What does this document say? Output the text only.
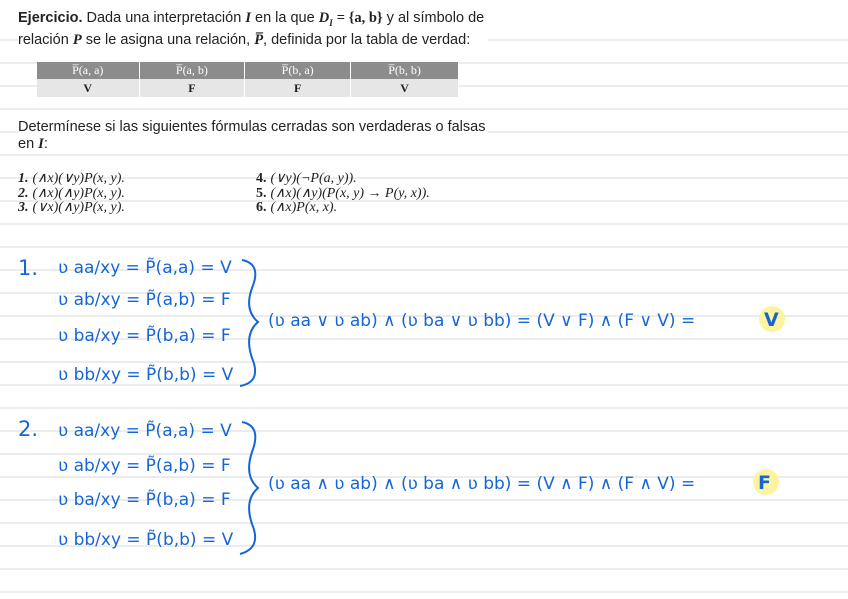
Ejercicio. Dada una interpretación I en la que $D_I = \{a$, b} y al símbolo de relación P se le asigna una relación, P̅, definida por la tabla de verdad:
P̅(a, a)	P̅(a, b)	P̅(b, a)	P̅(b, b)
V	F	F	V
Determínese si las siguientes fórmulas cerradas son verdaderas o falsas en I:
1. (∧x)(∨y)P(x, y).
2. (∧x)(∧y)P(x, y).
3. (∨x)(∧y)P(x, y).
4. (∨y)(¬P(a, y)).
5. (∧x)(∧y)(P(x, y) → P(y, x)).
6. (∧x)P(x, x).
1. ʋ aa/xy = P̃(a,a) = V
ʋ ab/xy = P̃(a,b) = F
ʋ ba/xy = P̃(b,a) = F
ʋ bb/xy = P̃(b,b) = V
(ʋ aa ∨ ʋ ab) ∧ (ʋ ba ∨ ʋ bb) = (V ∨ F) ∧ (F ∨ V) =	V
2. ʋ aa/xy = P̃(a,a) = V
ʋ ab/xy = P̃(a,b) = F
ʋ ba/xy = P̃(b,a) = F
ʋ bb/xy = P̃(b,b) = V
(ʋ aa ∧ ʋ ab) ∧ (ʋ ba ∧ ʋ bb) = (V ∧ F) ∧ (F ∧ V) =	F
